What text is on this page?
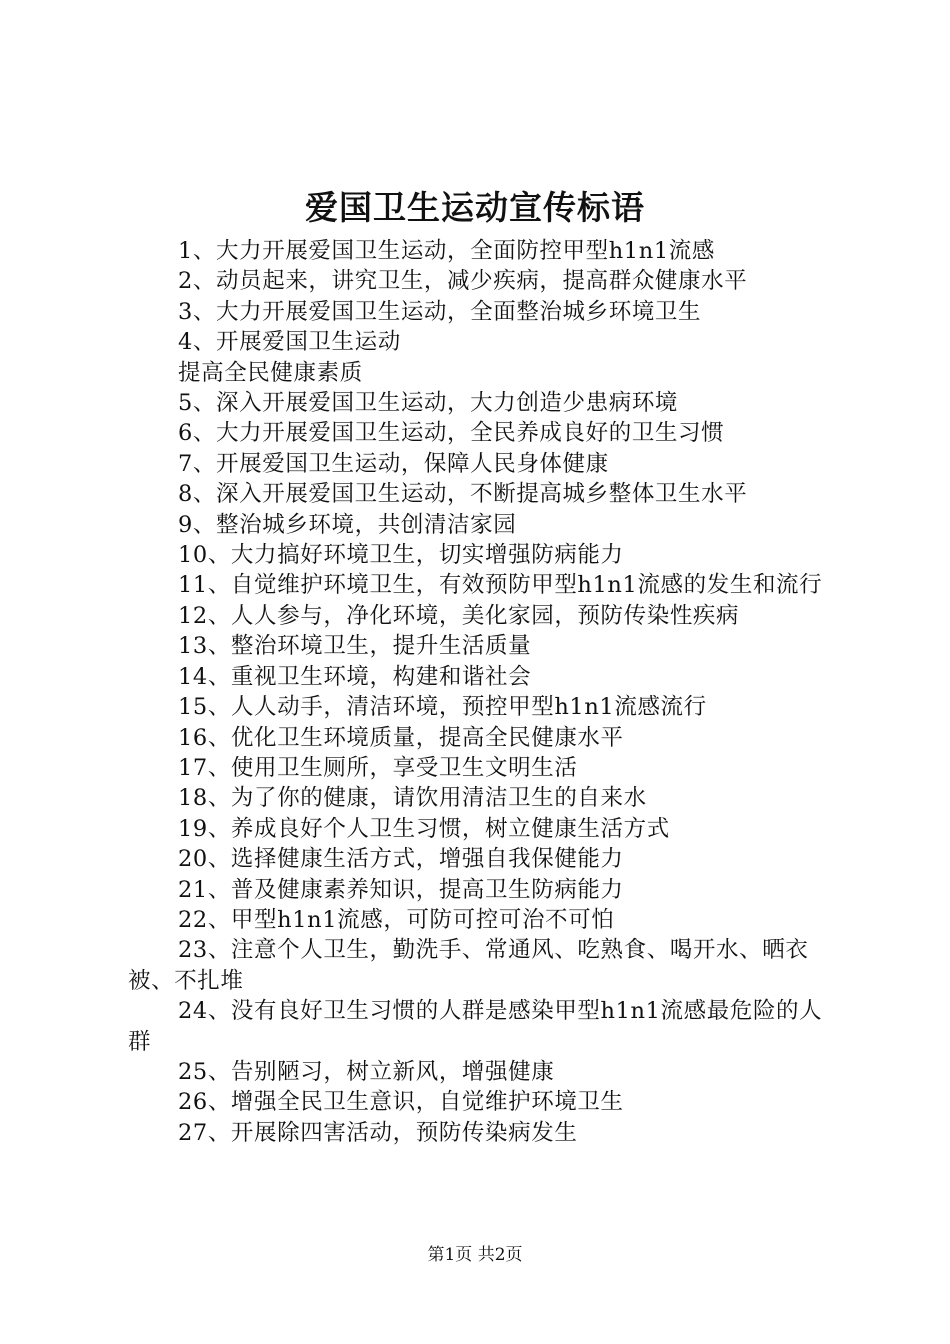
爱国卫生运动宣传标语
1、大力开展爱国卫生运动，全面防控甲型h1n1流感
2、动员起来，讲究卫生，减少疾病，提高群众健康水平
3、大力开展爱国卫生运动，全面整治城乡环境卫生
4、开展爱国卫生运动
提高全民健康素质
5、深入开展爱国卫生运动，大力创造少患病环境
6、大力开展爱国卫生运动，全民养成良好的卫生习惯
7、开展爱国卫生运动，保障人民身体健康
8、深入开展爱国卫生运动，不断提高城乡整体卫生水平
9、整治城乡环境，共创清洁家园
10、大力搞好环境卫生，切实增强防病能力
11、自觉维护环境卫生，有效预防甲型h1n1流感的发生和流行
12、人人参与，净化环境，美化家园，预防传染性疾病
13、整治环境卫生，提升生活质量
14、重视卫生环境，构建和谐社会
15、人人动手，清洁环境，预控甲型h1n1流感流行
16、优化卫生环境质量，提高全民健康水平
17、使用卫生厕所，享受卫生文明生活
18、为了你的健康，请饮用清洁卫生的自来水
19、养成良好个人卫生习惯，树立健康生活方式
20、选择健康生活方式，增强自我保健能力
21、普及健康素养知识，提高卫生防病能力
22、甲型h1n1流感，可防可控可治不可怕
23、注意个人卫生，勤洗手、常通风、吃熟食、喝开水、晒衣被、不扎堆
24、没有良好卫生习惯的人群是感染甲型h1n1流感最危险的人群
25、告别陋习，树立新风，增强健康
26、增强全民卫生意识，自觉维护环境卫生
27、开展除四害活动，预防传染病发生
第1页 共2页
